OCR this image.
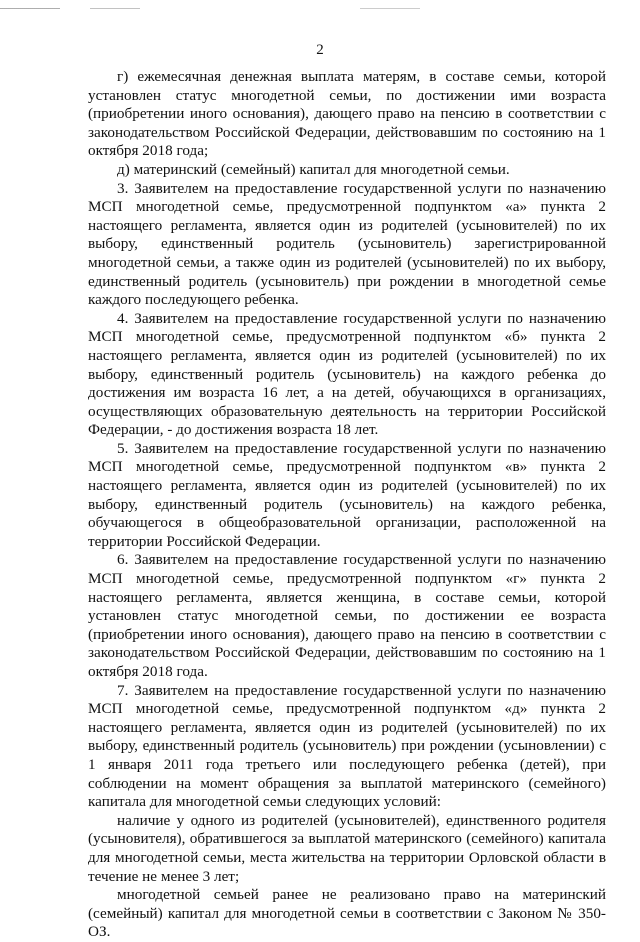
2

г) ежемесячная денежная выплата матерям, в составе семьи, которой установлен статус многодетной семьи, по достижении ими возраста (приобретении иного основания), дающего право на пенсию в соответствии с законодательством Российской Федерации, действовавшим по состоянию на 1 октября 2018 года;

д) материнский (семейный) капитал для многодетной семьи.

3. Заявителем на предоставление государственной услуги по назначению МСП многодетной семье, предусмотренной подпунктом «а» пункта 2 настоящего регламента, является один из родителей (усыновителей) по их выбору, единственный родитель (усыновитель) зарегистрированной многодетной семьи, а также один из родителей (усыновителей) по их выбору, единственный родитель (усыновитель) при рождении в многодетной семье каждого последующего ребенка.

4. Заявителем на предоставление государственной услуги по назначению МСП многодетной семье, предусмотренной подпунктом «б» пункта 2 настоящего регламента, является один из родителей (усыновителей) по их выбору, единственный родитель (усыновитель) на каждого ребенка до достижения им возраста 16 лет, а на детей, обучающихся в организациях, осуществляющих образовательную деятельность на территории Российской Федерации, - до достижения возраста 18 лет.

5. Заявителем на предоставление государственной услуги по назначению МСП многодетной семье, предусмотренной подпунктом «в» пункта 2 настоящего регламента, является один из родителей (усыновителей) по их выбору, единственный родитель (усыновитель) на каждого ребенка, обучающегося в общеобразовательной организации, расположенной на территории Российской Федерации.

6. Заявителем на предоставление государственной услуги по назначению МСП многодетной семье, предусмотренной подпунктом «г» пункта 2 настоящего регламента, является женщина, в составе семьи, которой установлен статус многодетной семьи, по достижении ее возраста (приобретении иного основания), дающего право на пенсию в соответствии с законодательством Российской Федерации, действовавшим по состоянию на 1 октября 2018 года.

7. Заявителем на предоставление государственной услуги по назначению МСП многодетной семье, предусмотренной подпунктом «д» пункта 2 настоящего регламента, является один из родителей (усыновителей) по их выбору, единственный родитель (усыновитель) при рождении (усыновлении) с 1 января 2011 года третьего или последующего ребенка (детей), при соблюдении на момент обращения за выплатой материнского (семейного) капитала для многодетной семьи следующих условий:

наличие у одного из родителей (усыновителей), единственного родителя (усыновителя), обратившегося за выплатой материнского (семейного) капитала для многодетной семьи, места жительства на территории Орловской области в течение не менее 3 лет;

многодетной семьей ранее не реализовано право на материнский (семейный) капитал для многодетной семьи в соответствии с Законом № 350-ОЗ.
